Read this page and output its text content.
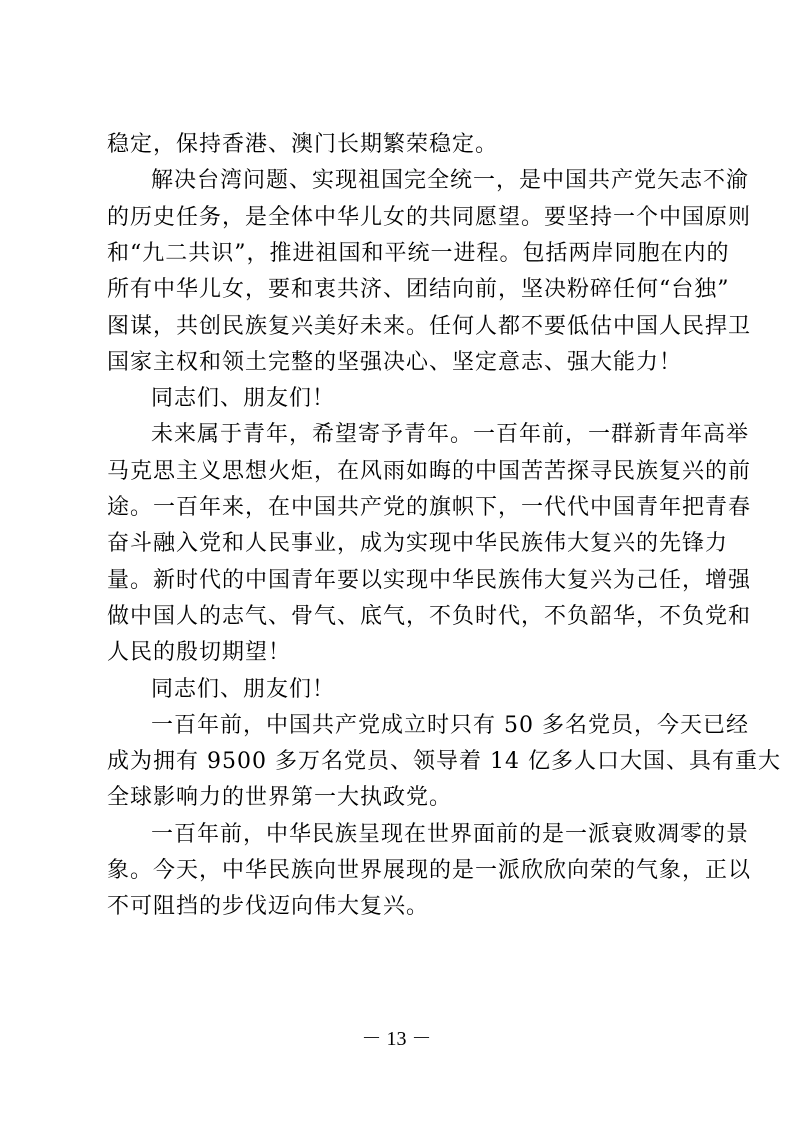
稳定，保持香港、澳门长期繁荣稳定。
解决台湾问题、实现祖国完全统一，是中国共产党矢志不渝
的历史任务，是全体中华儿女的共同愿望。要坚持一个中国原则
和“九二共识”，推进祖国和平统一进程。包括两岸同胞在内的
所有中华儿女，要和衷共济、团结向前，坚决粉碎任何“台独”
图谋，共创民族复兴美好未来。任何人都不要低估中国人民捍卫
国家主权和领土完整的坚强决心、坚定意志、强大能力！
同志们、朋友们！
未来属于青年，希望寄予青年。一百年前，一群新青年高举
马克思主义思想火炬，在风雨如晦的中国苦苦探寻民族复兴的前
途。一百年来，在中国共产党的旗帜下，一代代中国青年把青春
奋斗融入党和人民事业，成为实现中华民族伟大复兴的先锋力
量。新时代的中国青年要以实现中华民族伟大复兴为己任，增强
做中国人的志气、骨气、底气，不负时代，不负韶华，不负党和
人民的殷切期望！
同志们、朋友们！
一百年前，中国共产党成立时只有 50 多名党员，今天已经
成为拥有 9500 多万名党员、领导着 14 亿多人口大国、具有重大
全球影响力的世界第一大执政党。
一百年前，中华民族呈现在世界面前的是一派衰败凋零的景
象。今天，中华民族向世界展现的是一派欣欣向荣的气象，正以
不可阻挡的步伐迈向伟大复兴。
－ 13 －
